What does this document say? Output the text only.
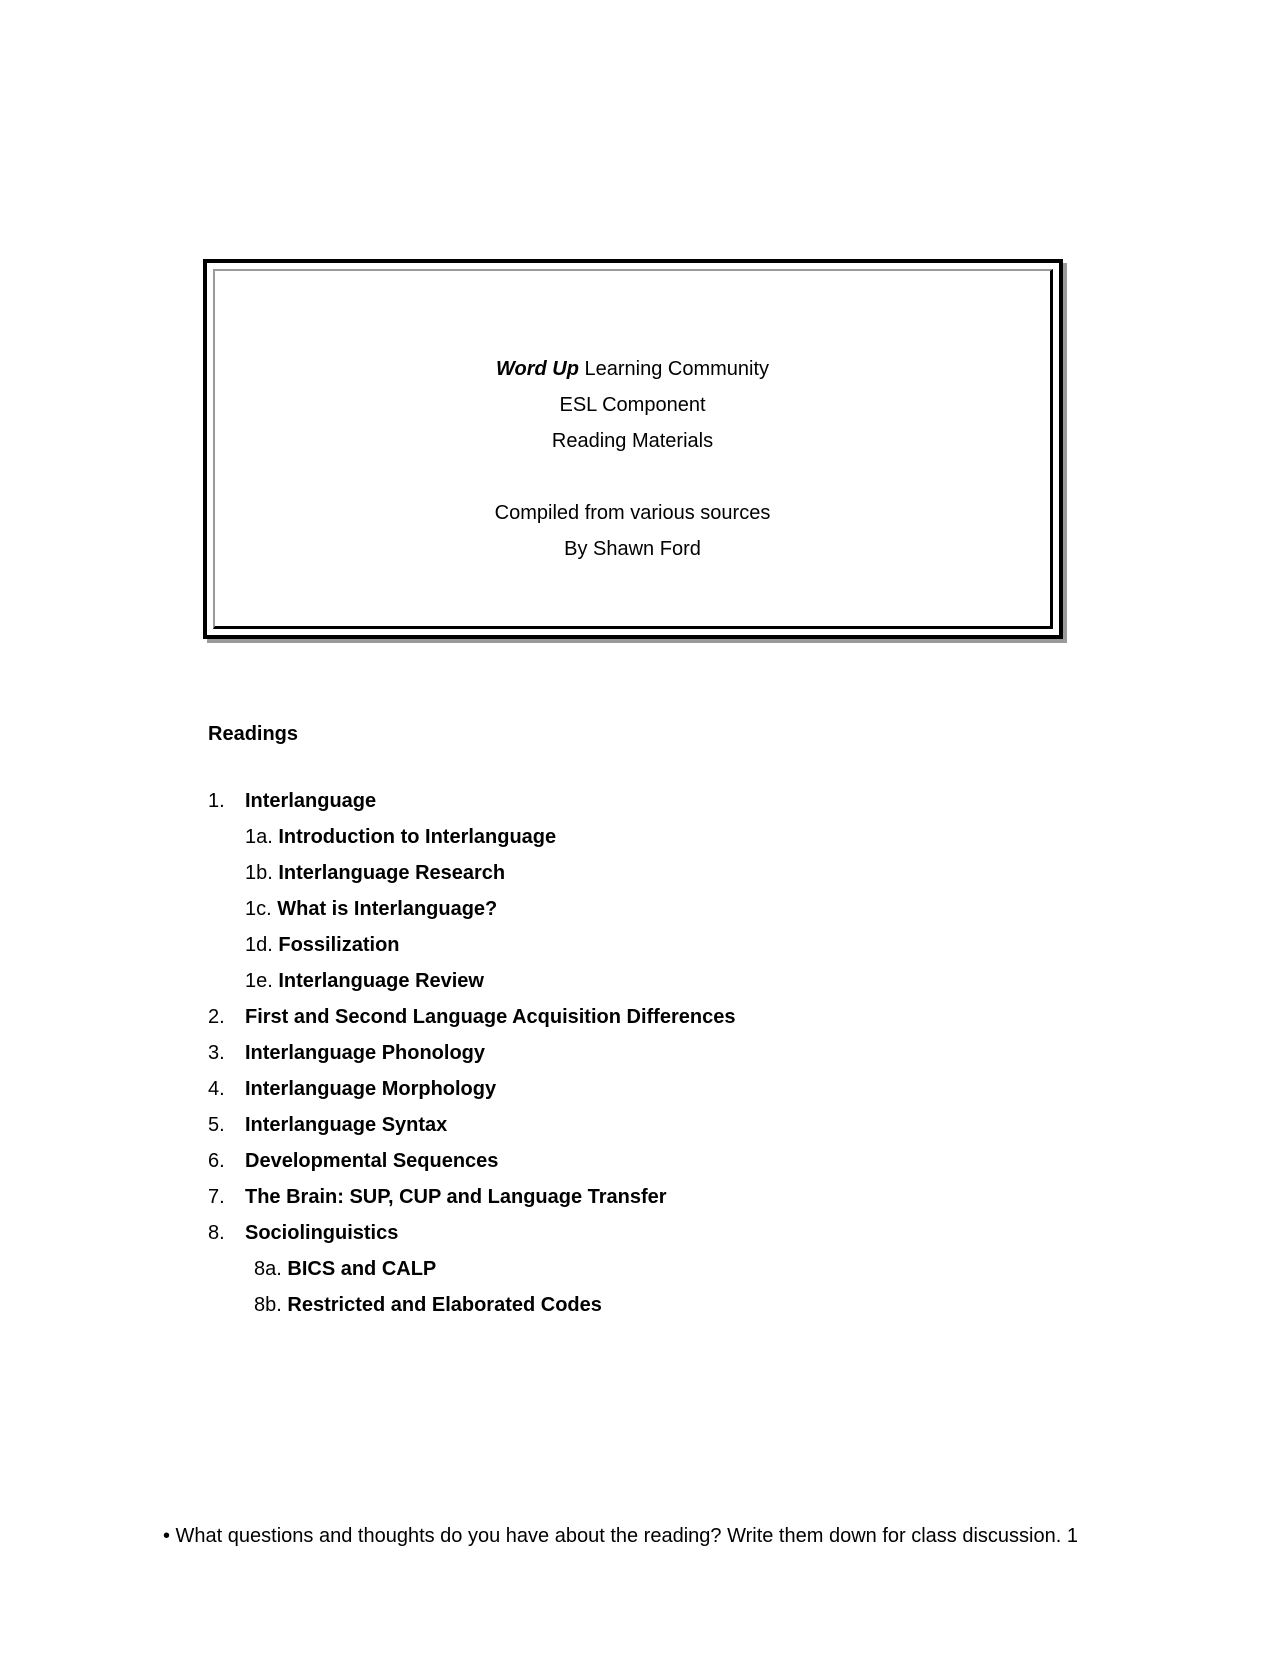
Word Up Learning Community
ESL Component
Reading Materials
Compiled from various sources
By Shawn Ford
Readings
1. Interlanguage
1a. Introduction to Interlanguage
1b. Interlanguage Research
1c. What is Interlanguage?
1d. Fossilization
1e. Interlanguage Review
2. First and Second Language Acquisition Differences
3. Interlanguage Phonology
4. Interlanguage Morphology
5. Interlanguage Syntax
6. Developmental Sequences
7. The Brain: SUP, CUP and Language Transfer
8. Sociolinguistics
8a. BICS and CALP
8b. Restricted and Elaborated Codes
• What questions and thoughts do you have about the reading? Write them down for class discussion. 1
